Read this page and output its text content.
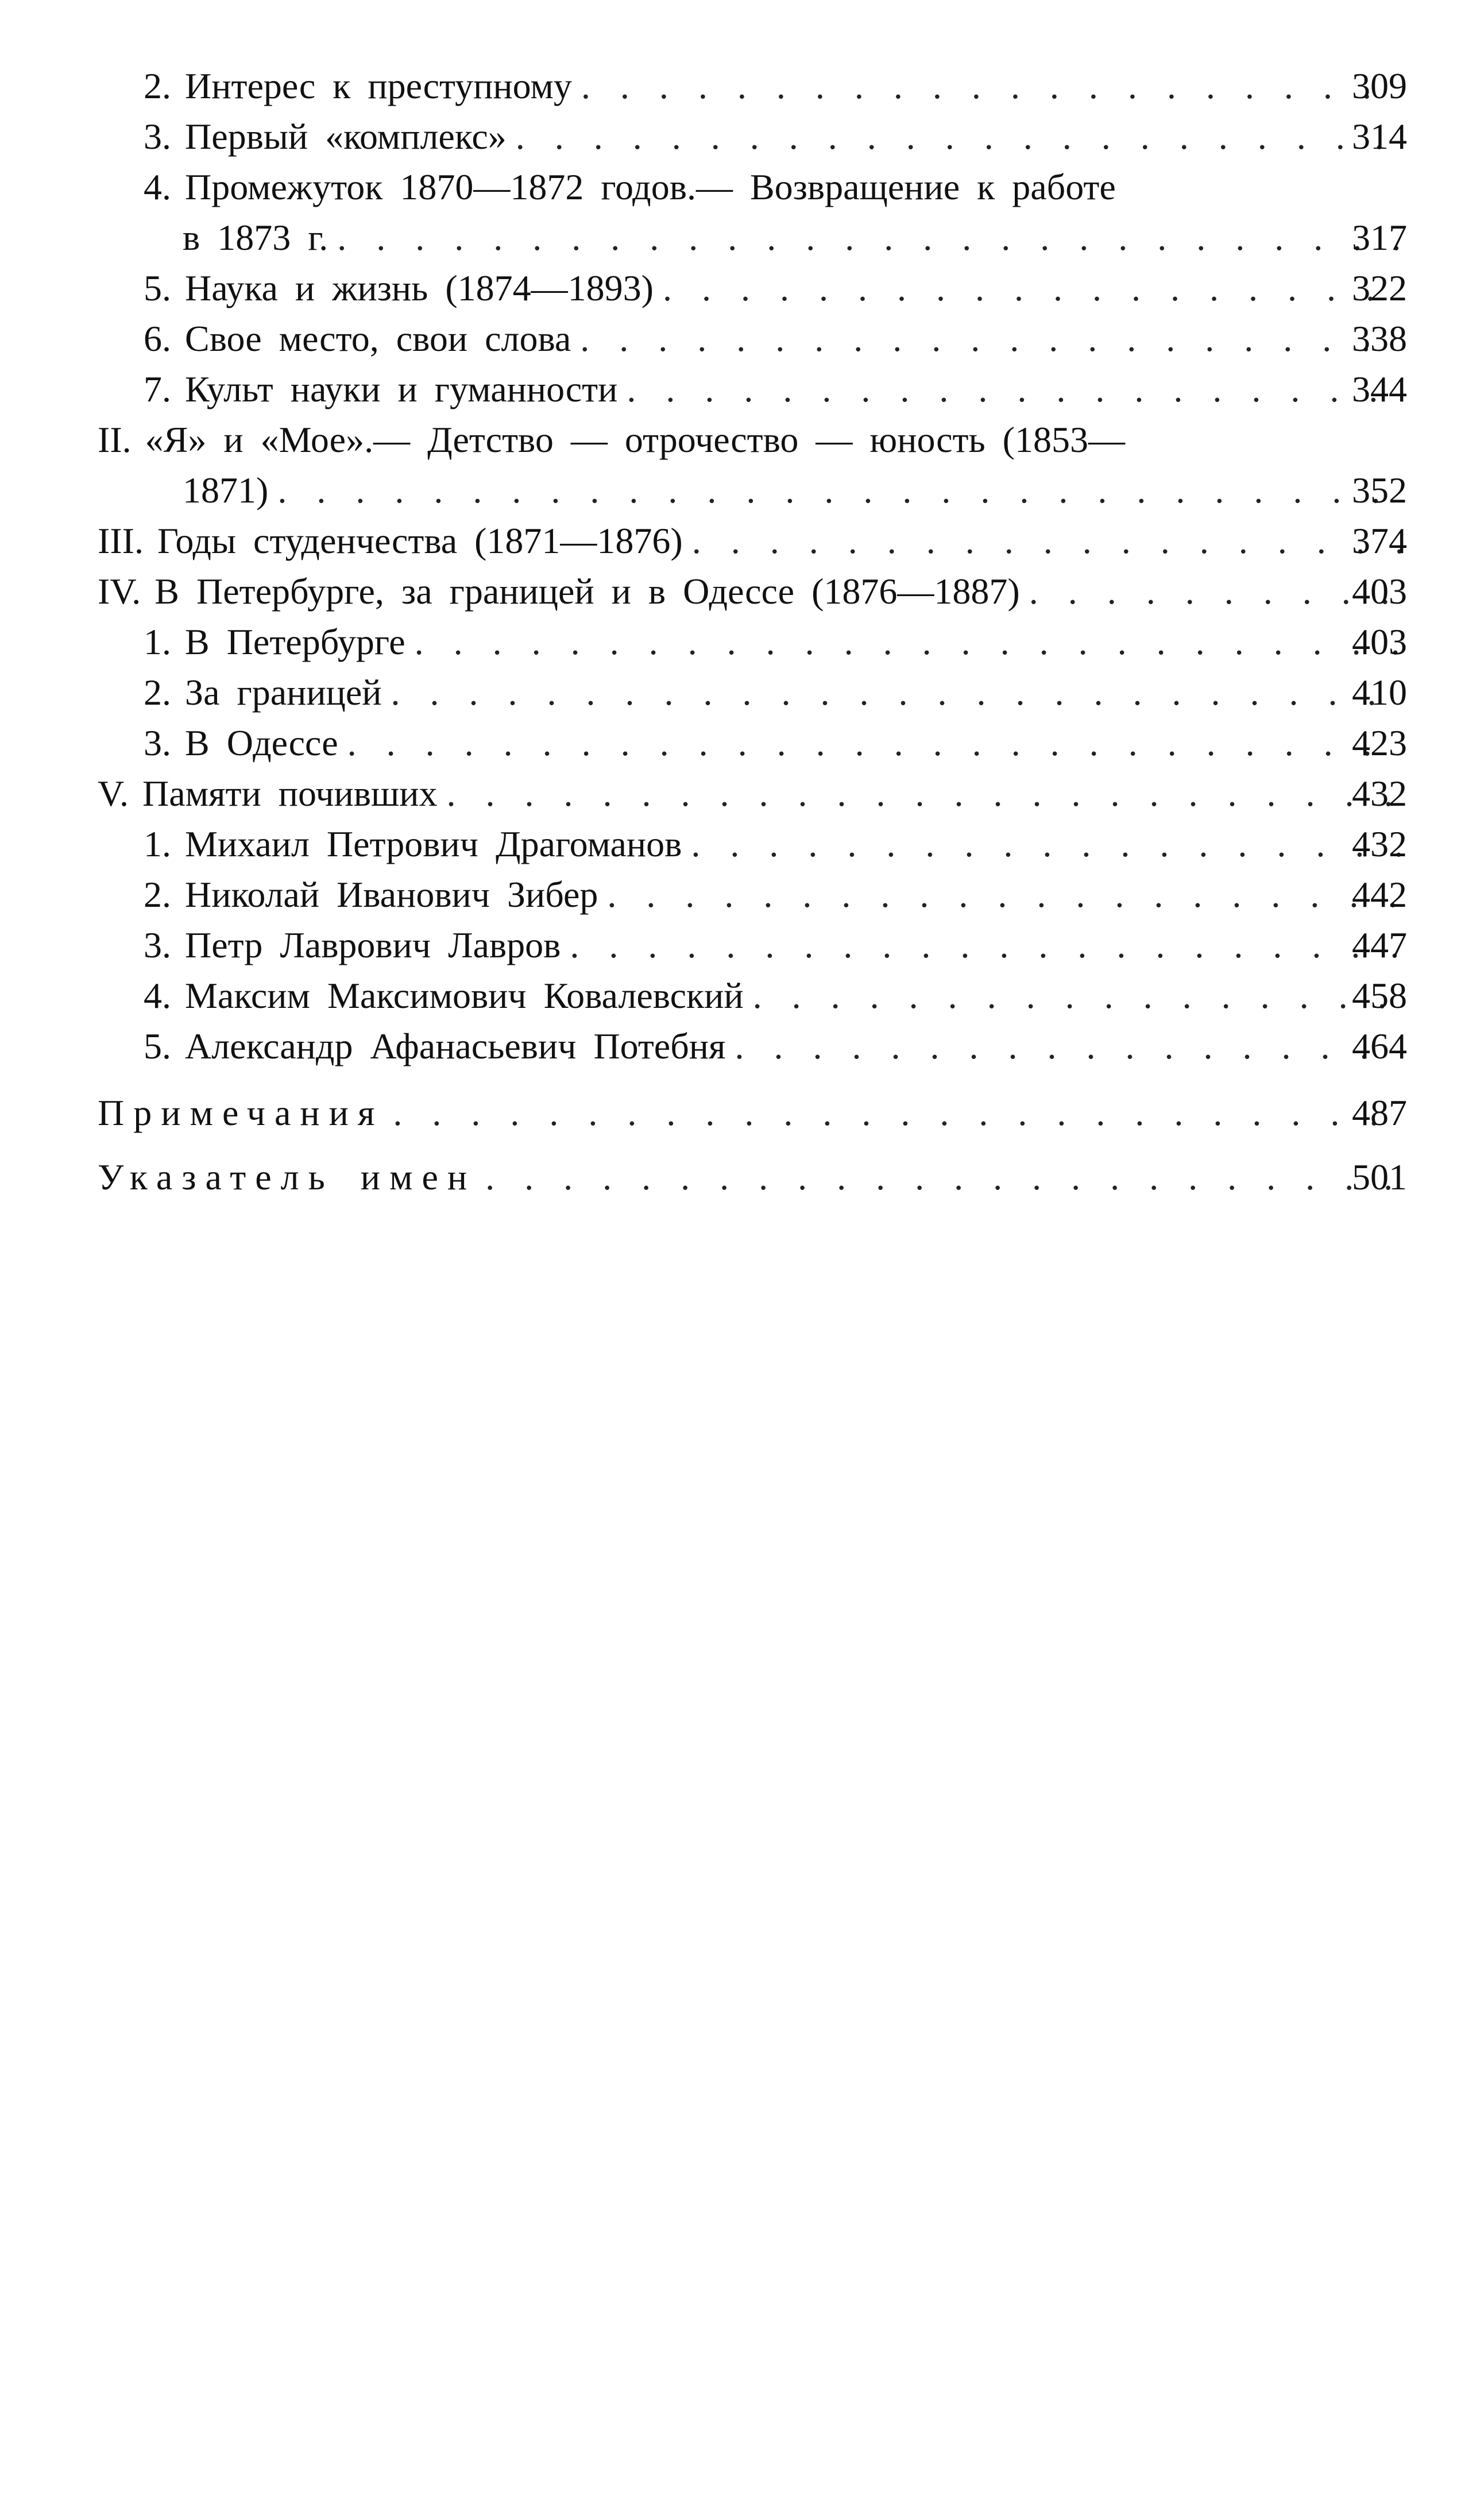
2. Интерес к преступному . . .	309
3. Первый «комплекс» . . .	314
4. Промежуток 1870—1872 годов.— Возвращение к работе
в 1873 г. . . .	317
5. Наука и жизнь (1874—1893) . . .	322
6. Свое место, свои слова . . .	338
7. Культ науки и гуманности . . .	344
II. «Я» и «Мое».— Детство — отрочество — юность (1853—
1871) . . .	352
III. Годы студенчества (1871—1876) . . .	374
IV. В Петербурге, за границей и в Одессе (1876—1887) . . .	403
1. В Петербурге . . .	403
2. За границей . . .	410
3. В Одессе . . .	423
V. Памяти почивших . . .	432
1. Михаил Петрович Драгоманов . . .	432
2. Николай Иванович Зибер . . .	442
3. Петр Лаврович Лавров . . .	447
4. Максим Максимович Ковалевский . . .	458
5. Александр Афанасьевич Потебня . . .	464
Примечания . . .	487
Указатель имен . . .	501
